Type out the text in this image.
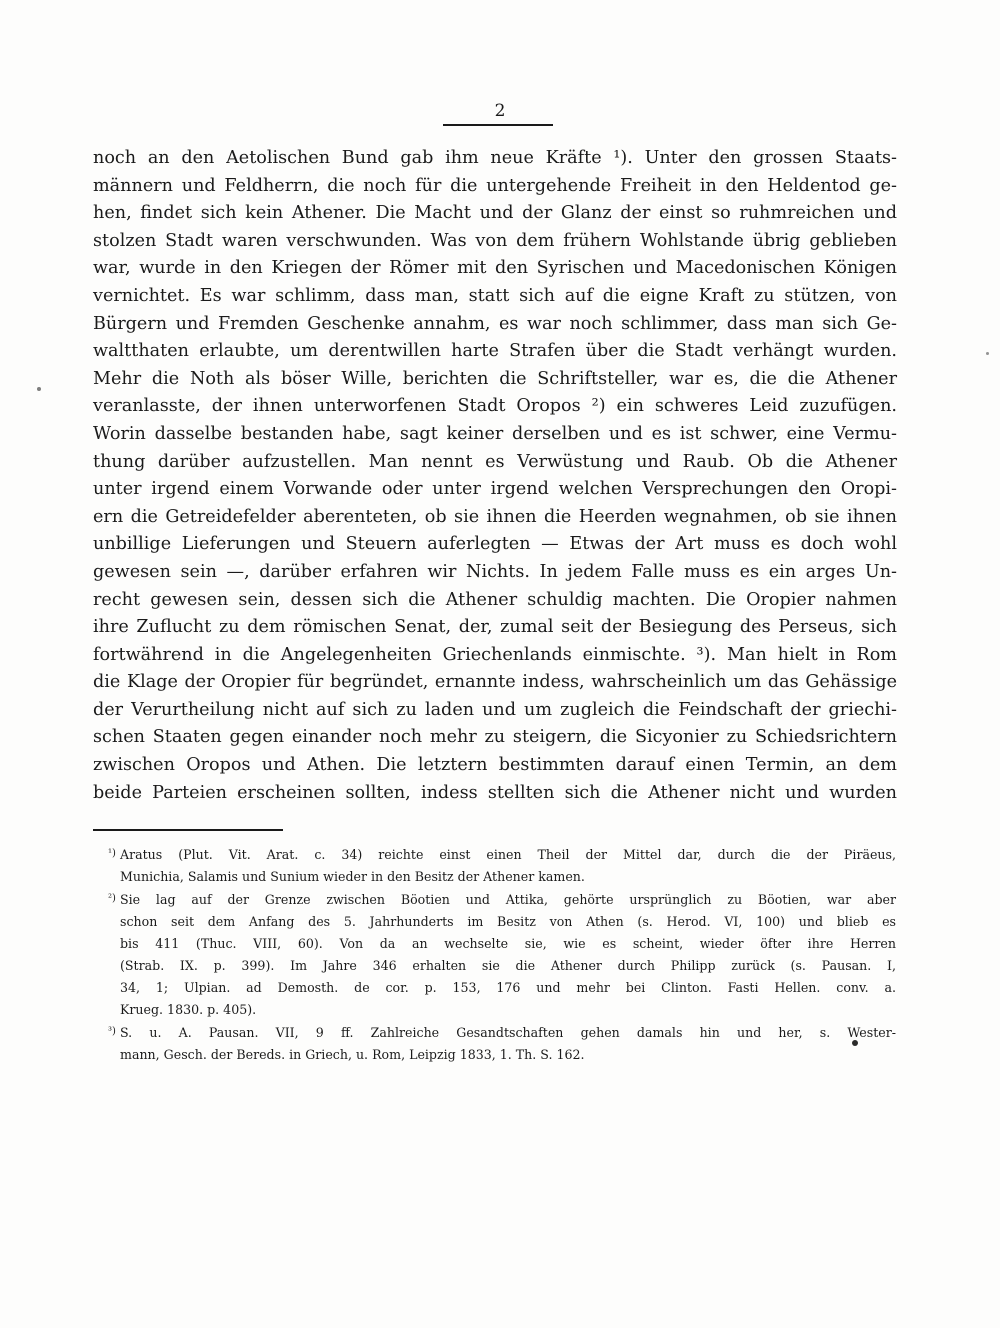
2
noch an den Aetolischen Bund gab ihm neue Kräfte ¹). Unter den grossen Staats-
männern und Feldherrn, die noch für die untergehende Freiheit in den Heldentod ge-
hen, findet sich kein Athener. Die Macht und der Glanz der einst so ruhmreichen und
stolzen Stadt waren verschwunden. Was von dem frühern Wohlstande übrig geblieben
war, wurde in den Kriegen der Römer mit den Syrischen und Macedonischen Königen
vernichtet. Es war schlimm, dass man, statt sich auf die eigne Kraft zu stützen, von
Bürgern und Fremden Geschenke annahm, es war noch schlimmer, dass man sich Ge-
waltthaten erlaubte, um derentwillen harte Strafen über die Stadt verhängt wurden.
Mehr die Noth als böser Wille, berichten die Schriftsteller, war es, die die Athener
veranlasste, der ihnen unterworfenen Stadt Oropos ²) ein schweres Leid zuzufügen.
Worin dasselbe bestanden habe, sagt keiner derselben und es ist schwer, eine Vermu-
thung darüber aufzustellen. Man nennt es Verwüstung und Raub. Ob die Athener
unter irgend einem Vorwande oder unter irgend welchen Versprechungen den Oropi-
ern die Getreidefelder aberenteten, ob sie ihnen die Heerden wegnahmen, ob sie ihnen
unbillige Lieferungen und Steuern auferlegten — Etwas der Art muss es doch wohl
gewesen sein —, darüber erfahren wir Nichts. In jedem Falle muss es ein arges Un-
recht gewesen sein, dessen sich die Athener schuldig machten. Die Oropier nahmen
ihre Zuflucht zu dem römischen Senat, der, zumal seit der Besiegung des Perseus, sich
fortwährend in die Angelegenheiten Griechenlands einmischte. ³). Man hielt in Rom
die Klage der Oropier für begründet, ernannte indess, wahrscheinlich um das Gehässige
der Verurtheilung nicht auf sich zu laden und um zugleich die Feindschaft der griechi-
schen Staaten gegen einander noch mehr zu steigern, die Sicyonier zu Schiedsrichtern
zwischen Oropos und Athen. Die letztern bestimmten darauf einen Termin, an dem
beide Parteien erscheinen sollten, indess stellten sich die Athener nicht und wurden
¹) Aratus (Plut. Vit. Arat. c. 34) reichte einst einen Theil der Mittel dar, durch die der Piräeus,
Munichia, Salamis und Sunium wieder in den Besitz der Athener kamen.
²) Sie lag auf der Grenze zwischen Böotien und Attika, gehörte ursprünglich zu Böotien, war aber
schon seit dem Anfang des 5. Jahrhunderts im Besitz von Athen (s. Herod. VI, 100) und blieb es
bis 411 (Thuc. VIII, 60). Von da an wechselte sie, wie es scheint, wieder öfter ihre Herren
(Strab. IX. p. 399). Im Jahre 346 erhalten sie die Athener durch Philipp zurück (s. Pausan. I,
34, 1; Ulpian. ad Demosth. de cor. p. 153, 176 und mehr bei Clinton. Fasti Hellen. conv. a.
Krueg. 1830. p. 405).
³) S. u. A. Pausan. VII, 9 ff. Zahlreiche Gesandtschaften gehen damals hin und her, s. Wester-
mann, Gesch. der Bereds. in Griech, u. Rom, Leipzig 1833, 1. Th. S. 162.
